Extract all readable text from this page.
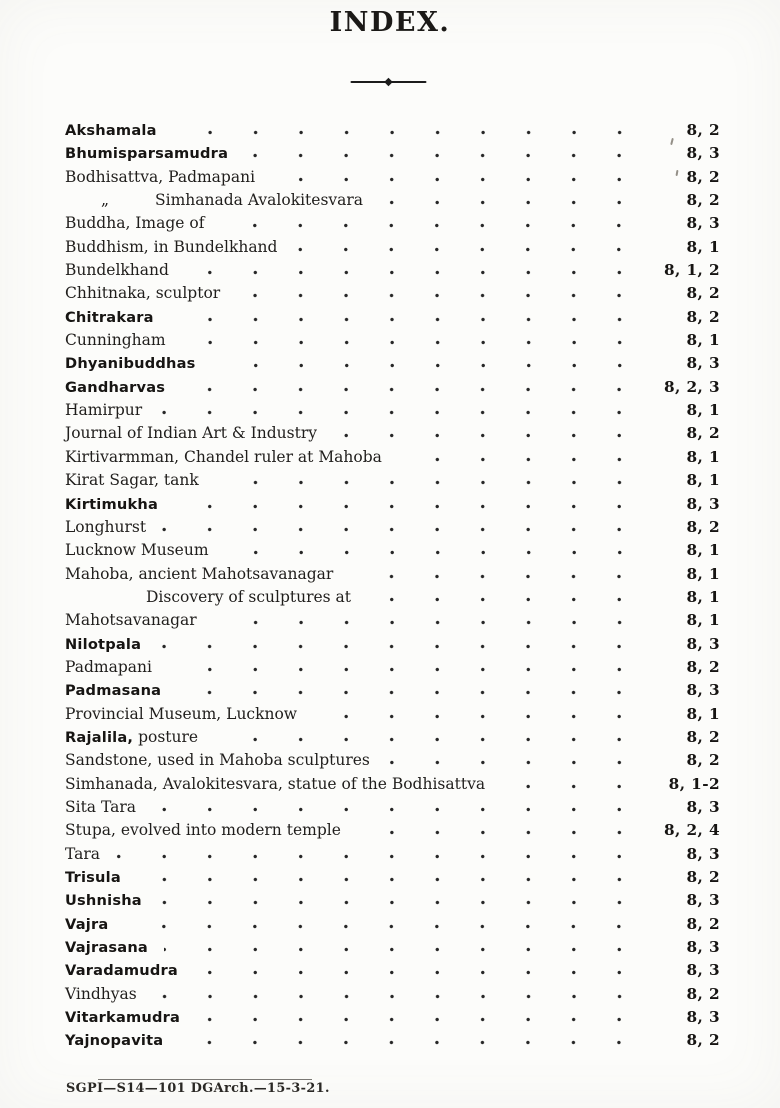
INDEX.
Akshamala	8, 2
Bhumisparsamudra	8, 3
Bodhisattva, Padmapani	8, 2
„	Simhanada Avalokitesvara	8, 2
Buddha, Image of	8, 3
Buddhism, in Bundelkhand	8, 1
Bundelkhand	8, 1, 2
Chhitnaka, sculptor	8, 2
Chitrakara	8, 2
Cunningham	8, 1
Dhyanibuddhas	8, 3
Gandharvas	8, 2, 3
Hamirpur	8, 1
Journal of Indian Art & Industry	8, 2
Kirtivarmman, Chandel ruler at Mahoba	8, 1
Kirat Sagar, tank	8, 1
Kirtimukha	8, 3
Longhurst	8, 2
Lucknow Museum	8, 1
Mahoba, ancient Mahotsavanagar	8, 1
Discovery of sculptures at	8, 1
Mahotsavanagar	8, 1
Nilotpala	8, 3
Padmapani	8, 2
Padmasana	8, 3
Provincial Museum, Lucknow	8, 1
Rajalila, posture	8, 2
Sandstone, used in Mahoba sculptures	8, 2
Simhanada, Avalokitesvara, statue of the Bodhisattva	8, 1-2
Sita Tara	8, 3
Stupa, evolved into modern temple	8, 2, 4
Tara	8, 3
Trisula	8, 2
Ushnisha	8, 3
Vajra	8, 2
Vajrasana	8, 3
Varadamudra	8, 3
Vindhyas	8, 2
Vitarkamudra	8, 3
Yajnopavita	8, 2
SGPI—S14—101 DGArch.—15-3-21.
